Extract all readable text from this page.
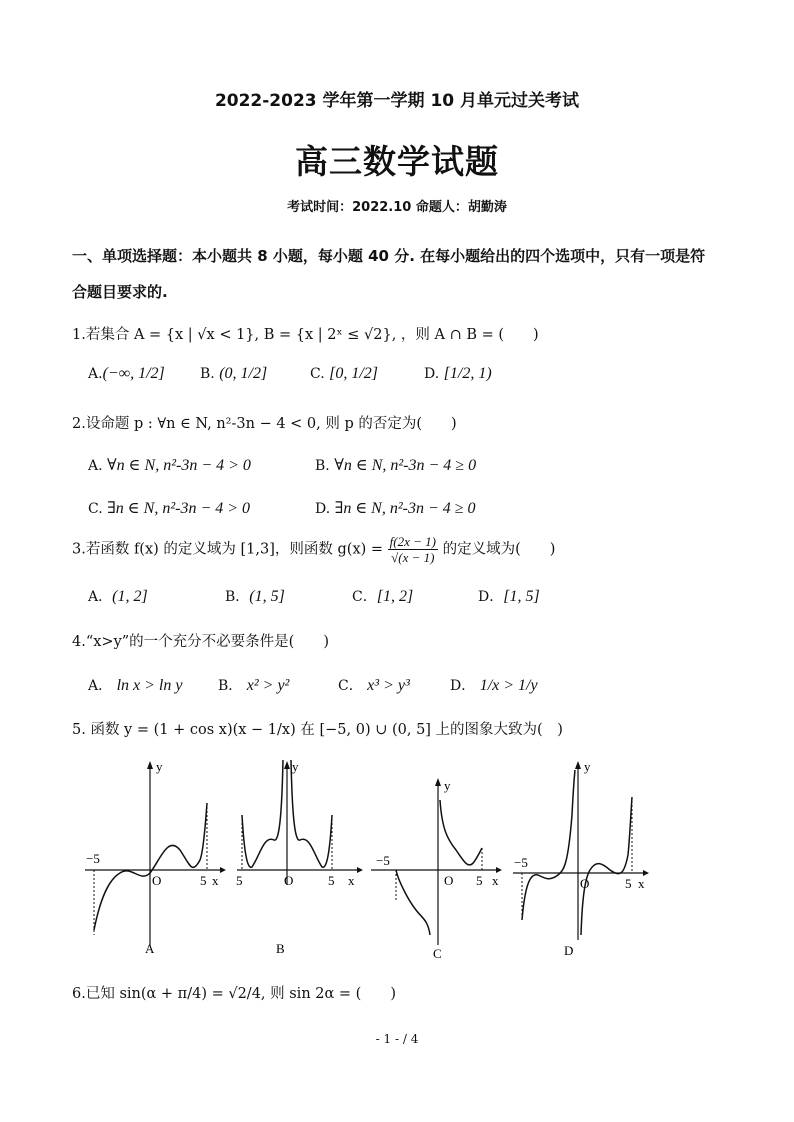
2022-2023 学年第一学期 10 月单元过关考试
高三数学试题
考试时间：2022.10 命题人：胡勤涛
一、单项选择题：本小题共 8 小题，每小题 40 分. 在每小题给出的四个选项中，只有一项是符
合题目要求的.
1.若集合 A = {x | √x < 1}, B = {x | 2ˣ ≤ √2}, ，则 A ∩ B = (　　)
A.(−∞, 1/2]	B. (0, 1/2]	C. [0, 1/2]	D. [1/2, 1)
2.设命题 p : ∀n ∈ N, n²-3n − 4 < 0, 则 p 的否定为(　　)
A. ∀n ∈ N, n²-3n − 4 > 0	B. ∀n ∈ N, n²-3n − 4 ≥ 0
C. ∃n ∈ N, n²-3n − 4 > 0	D. ∃n ∈ N, n²-3n − 4 ≥ 0
3.若函数 f(x) 的定义域为 [1,3]，则函数 $g(x) = \frac{f(2x - 1)}{√(x - 1)}$ 的定义域为(　　)
A．(1, 2]	B．(1, 5]	C．[1, 2]	D．[1, 5]
4.“x>y”的一个充分不必要条件是(　　)
A． ln x > ln y	B． x² > y²	C． x³ > y³	D． 1/x > 1/y
5. 函数 y = (1 + cos x)(x − 1/x) 在 [−5, 0) ∪ (0, 5] 上的图象大致为(　)
y
−5
O	5 x
A
y
5	O	5 x
B
y
−5
O 5 x
C
y
−5
O	5 x
D
6.已知 sin(α + π/4) = √2/4, 则 sin 2α = (　　)
- 1 - / 4
